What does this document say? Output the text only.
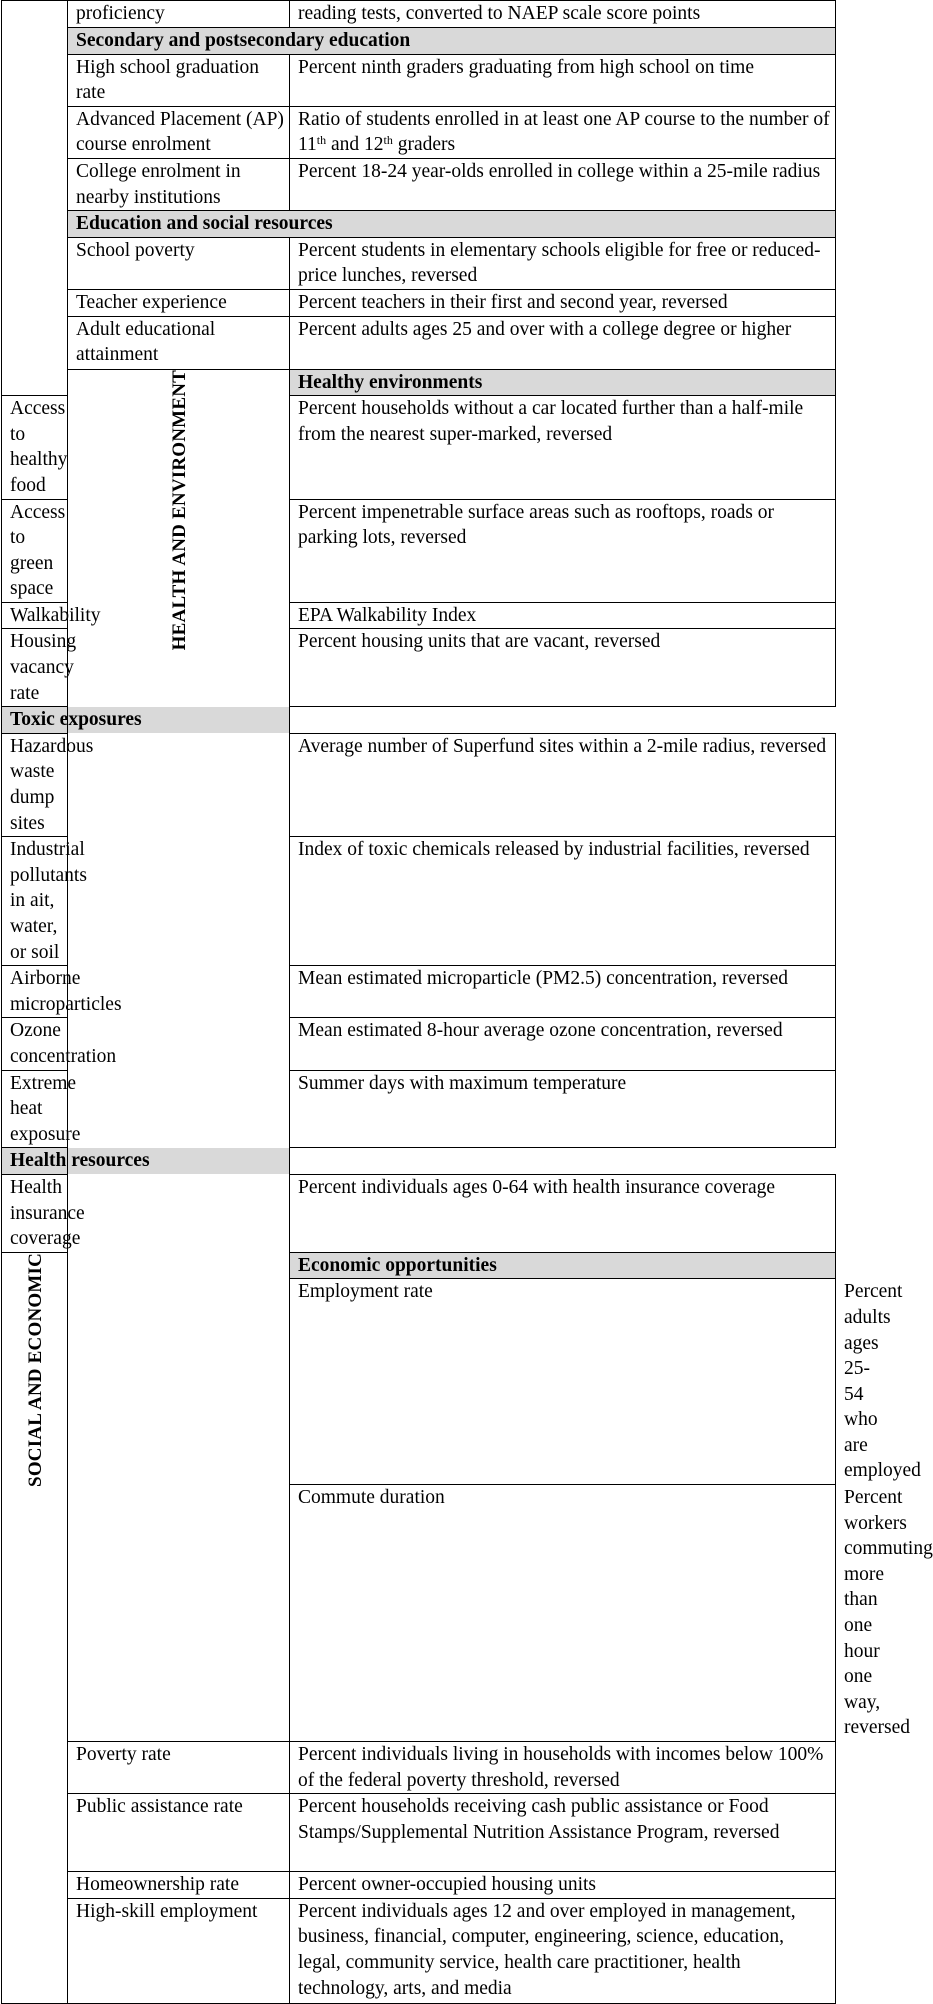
	proficiency	reading tests, converted to NAEP scale score points	
	Secondary and postsecondary education		
	High school graduation rate	Percent ninth graders graduating from high school on time	
	Advanced Placement (AP) course enrolment	Ratio of students enrolled in at least one AP course to the number of 11th and 12th graders	
	College enrolment in nearby institutions	Percent 18-24 year-olds enrolled in college within a 25-mile radius	
	Education and social resources		
	School poverty	Percent students in elementary schools eligible for free or reduced-price lunches, reversed	
	Teacher experience	Percent teachers in their first and second year, reversed	
	Adult educational attainment	Percent adults ages 25 and over with a college degree or higher	
	HEALTH AND ENVIRONMENT	Healthy environments	
Access to healthy food		Percent households without a car located further than a half-mile from the nearest super-marked, reversed	
Access to green space		Percent impenetrable surface areas such as rooftops, roads or parking lots, reversed	
Walkability		EPA Walkability Index	
Housing vacancy rate		Percent housing units that are vacant, reversed	
Toxic exposures			
Hazardous waste dump sites		Average number of Superfund sites within a 2-mile radius, reversed	
Industrial pollutants in ait, water, or soil		Index of toxic chemicals released by industrial facilities, reversed	
Airborne microparticles		Mean estimated microparticle (PM2.5) concentration, reversed	
Ozone concentration		Mean estimated 8-hour average ozone concentration, reversed	
Extreme heat exposure		Summer days with maximum temperature	
Health resources			
Health insurance coverage		Percent individuals ages 0-64 with health insurance coverage	
SOCIAL AND ECONOMIC		Economic opportunities	
		Employment rate	Percent adults ages 25-54 who are employed
		Commute duration	Percent workers commuting more than one hour one way, reversed
	Poverty rate	Percent individuals living in households with incomes below 100% of the federal poverty threshold, reversed	
	Public assistance rate	Percent households receiving cash public assistance or Food Stamps/Supplemental Nutrition Assistance Program, reversed	
	Homeownership rate	Percent owner-occupied housing units	
	High-skill employment	Percent individuals ages 12 and over employed in management, business, financial, computer, engineering, science, education, legal, community service, health care practitioner, health technology, arts, and media	
